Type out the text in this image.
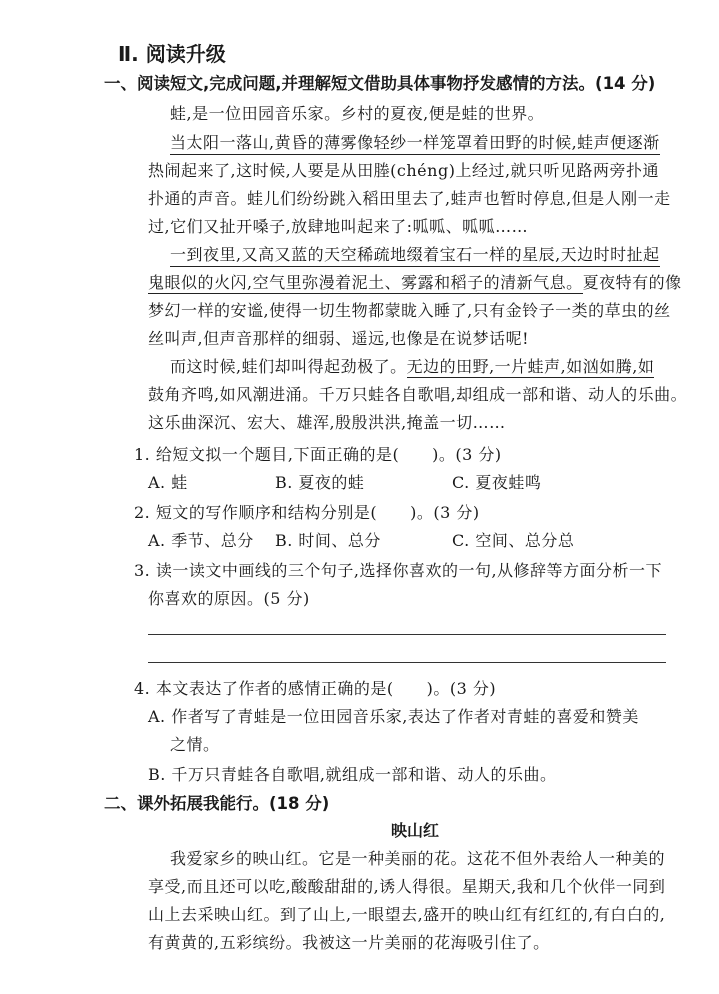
Ⅱ. 阅读升级
一、阅读短文,完成问题,并理解短文借助具体事物抒发感情的方法。(14 分)
蛙,是一位田园音乐家。乡村的夏夜,便是蛙的世界。
当太阳一落山,黄昏的薄雾像轻纱一样笼罩着田野的时候,蛙声便逐渐
热闹起来了,这时候,人要是从田塍(chéng)上经过,就只听见路两旁扑通
扑通的声音。蛙儿们纷纷跳入稻田里去了,蛙声也暂时停息,但是人刚一走
过,它们又扯开嗓子,放肆地叫起来了:呱呱、呱呱……
一到夜里,又高又蓝的天空稀疏地缀着宝石一样的星辰,天边时时扯起
鬼眼似的火闪,空气里弥漫着泥土、雾露和稻子的清新气息。夏夜特有的像
梦幻一样的安谧,使得一切生物都蒙眬入睡了,只有金铃子一类的草虫的丝
丝叫声,但声音那样的细弱、遥远,也像是在说梦话呢!
而这时候,蛙们却叫得起劲极了。无边的田野,一片蛙声,如汹如腾,如
鼓角齐鸣,如风潮进涌。千万只蛙各自歌唱,却组成一部和谐、动人的乐曲。
这乐曲深沉、宏大、雄浑,殷殷洪洪,掩盖一切……
1. 给短文拟一个题目,下面正确的是(　　)。(3 分)
A. 蛙	B. 夏夜的蛙	C. 夏夜蛙鸣
2. 短文的写作顺序和结构分别是(　　)。(3 分)
A. 季节、总分 B. 时间、总分	C. 空间、总分总
3. 读一读文中画线的三个句子,选择你喜欢的一句,从修辞等方面分析一下
你喜欢的原因。(5 分)
4. 本文表达了作者的感情正确的是(　　)。(3 分)
A. 作者写了青蛙是一位田园音乐家,表达了作者对青蛙的喜爱和赞美
之情。
B. 千万只青蛙各自歌唱,就组成一部和谐、动人的乐曲。
二、课外拓展我能行。(18 分)
映山红
我爱家乡的映山红。它是一种美丽的花。这花不但外表给人一种美的
享受,而且还可以吃,酸酸甜甜的,诱人得很。星期天,我和几个伙伴一同到
山上去采映山红。到了山上,一眼望去,盛开的映山红有红红的,有白白的,
有黄黄的,五彩缤纷。我被这一片美丽的花海吸引住了。
